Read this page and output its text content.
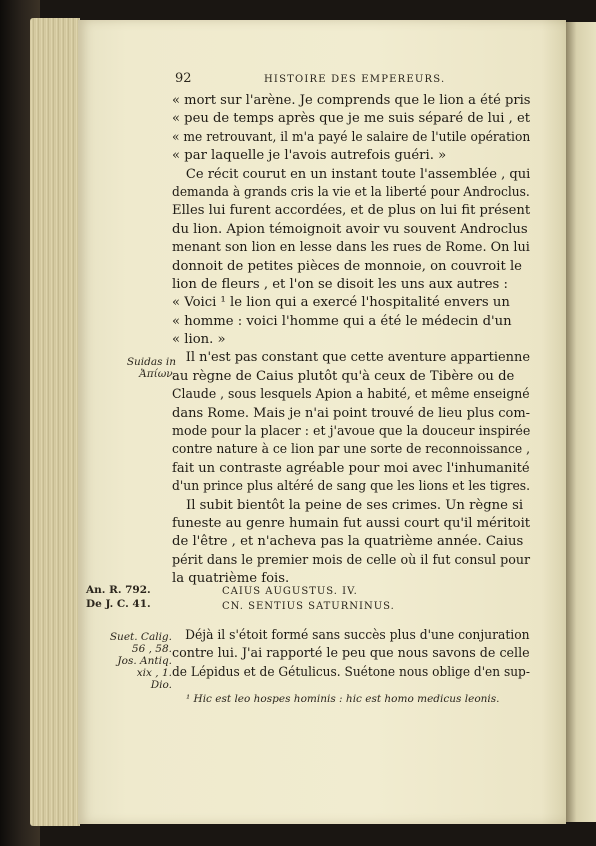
92	HISTOIRE DES EMPEREURS.
« mort sur l'arène. Je comprends que le lion a été pris
« peu de temps après que je me suis séparé de lui , et
« me retrouvant, il m'a payé le salaire de l'utile opération
« par laquelle je l'avois autrefois guéri. »
Ce récit courut en un instant toute l'assemblée , qui
demanda à grands cris la vie et la liberté pour Androclus.
Elles lui furent accordées, et de plus on lui fit présent
du lion. Apion témoignoit avoir vu souvent Androclus
menant son lion en lesse dans les rues de Rome. On lui
donnoit de petites pièces de monnoie, on couvroit le
lion de fleurs , et l'on se disoit les uns aux autres :
« Voici ¹ le lion qui a exercé l'hospitalité envers un
« homme : voici l'homme qui a été le médecin d'un
« lion. »
Il n'est pas constant que cette aventure appartienne
au règne de Caius plutôt qu'à ceux de Tibère ou de
Claude , sous lesquels Apion a habité, et même enseigné
dans Rome. Mais je n'ai point trouvé de lieu plus com-
mode pour la placer : et j'avoue que la douceur inspirée
contre nature à ce lion par une sorte de reconnoissance ,
fait un contraste agréable pour moi avec l'inhumanité
d'un prince plus altéré de sang que les lions et les tigres.
Il subit bientôt la peine de ses crimes. Un règne si
funeste au genre humain fut aussi court qu'il méritoit
de l'être , et n'acheva pas la quatrième année. Caius
périt dans le premier mois de celle où il fut consul pour
la quatrième fois.
Suidas in
Ἀπίων.
An. R. 792.
De J. C. 41.
CAIUS AUGUSTUS. IV.
CN. SENTIUS SATURNINUS.
Suet. Calig.
56 , 58.
Jos. Antiq.
xix , 1.
Dio.
Déjà il s'étoit formé sans succès plus d'une conjuration
contre lui. J'ai rapporté le peu que nous savons de celle
de Lépidus et de Gétulicus. Suétone nous oblige d'en sup-
¹ Hic est leo hospes hominis : hic est homo medicus leonis.
